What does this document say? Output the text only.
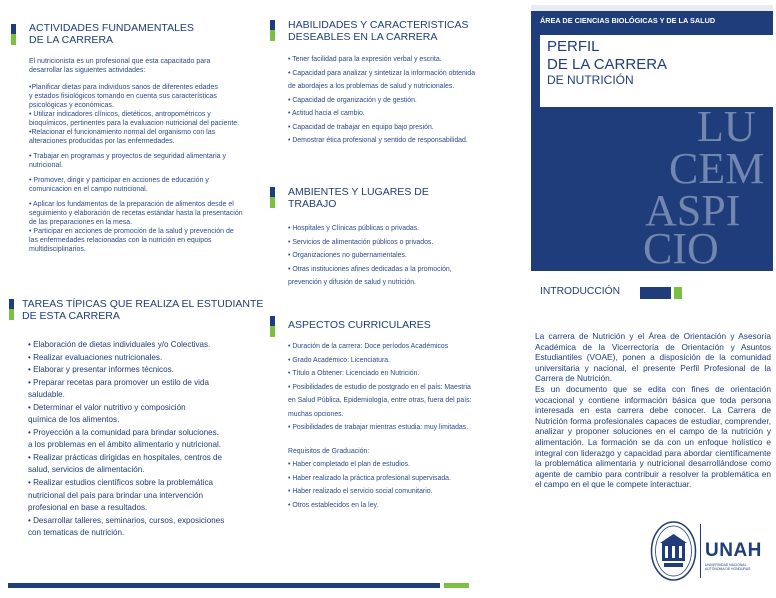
ACTIVIDADES FUNDAMENTALES
DE LA CARRERA

El nutricionista es un profesional que esta capacitado para

desarrollar las siguientes actividades:

•Planificar dietas para individuos sanos de diferentes edades

y estados fisiológicos tomando en cuenta sus características

psicológicas y económicas.

• Utilizar indicadores clínicos, dietéticos, antropométricos y

bioquímicos, pertinentes para la evaluacion nutricional del paciente.

•Relacionar el funcionamiento normal del organismo con las

alteraciones producidas por las enfermedades.

• Trabajar en programas y proyectos de seguridad alimentaria y

nutricional.

• Promover, dirigir y participar en acciones de educación y

comunicacion en el campo nutricional.

• Aplicar los fundamentos de la preparación de alimentos desde el

seguimiento y elaboración de recetas estándar hasta la presentación

de las preparaciones en la mesa.

• Participar en acciones de promoción de la salud y prevención de

las enfermedades relacionadas con la nutrición en equipos

multidisciplinarios.

TAREAS TÍPICAS QUE REALIZA EL ESTUDIANTE
DE ESTA CARRERA
• Elaboración de dietas individuales y/o Colectivas.
• Realizar evaluaciones nutricionales.
• Elaborar y presentar informes técnicos.
• Preparar recetas para promover un estilo de vida
saludable.
• Determinar el valor nutritivo y composición
química de los alimentos.
• Proyección a la comunidad para brindar soluciones.
a los problemas en el ámbito alimentario y nutricional.
• Realizar prácticas dirigidas en hospitales, centros de
salud, servicios de alimentación.
• Realizar estudios científicos sobre la problemática
nutricional del país para brindar una intervención
profesional en base a resultados.
• Desarrollar talleres, seminarios, cursos, exposiciones
con tematicas de nutrición.
HABILIDADES Y CARACTERISTICAS
DESEABLES EN LA CARRERA
• Tener facilidad para la expresión verbal y escrita.
• Capacidad para analizar y sintetizar la información obtenida
de abordajes a los problemas de salud y nutricionales.
• Capacidad de organización y de gestión.
• Actitud hacia el cambio.
• Capacidad de trabajar en equipo bajo presión.
• Demostrar ética profesional y sentido de responsabilidad.
AMBIENTES Y LUGARES DE
TRABAJO
• Hospitales y Clínicas públicas o privadas.
• Servicios de alimentación públicos o privados.
• Organizaciones no gubernamentales.
• Otras instituciones afines dedicadas a la promoción,
prevención y difusión de salud y nutrición.
ASPECTOS CURRICULARES
• Duración de la carrera: Doce períodos Académicos
• Grado Académico: Licenciatura.
• Título a Obtener: Licenciado en Nutrición.
• Posibilidades de estudio de postgrado en el país: Maestria
en Salud Pública, Epidemiología, entre otras, fuera del país:
muchas opciones.
• Posibilidades de trabajar mientras estudia: muy limitadas.
Requisitos de Graduación:
• Haber completado el plan de estudios.
• Haber realizado la práctica profesional supervisada.
• Haber realizado el servicio social comunitario.
• Otros establecidos en la ley.
ÁREA DE CIENCIAS BIOLÓGICAS Y DE LA SALUD
PERFIL
DE LA CARRERA
DE NUTRICIÓN
LU
CEM
ASPI
CIO
INTRODUCCIÓN

La carrera de Nutrición y el Área de Orientación y Asesoría Académica de la Vicerrectoría de Orientación y Asuntos Estudiantiles (VOAE), ponen a disposición de la comunidad universitaria y nacional, el presente Perfil Profesional de la Carrera de Nutrición.

Es un documento que se edita con fines de orientación vocacional y contiene información básica que toda persona interesada en esta carrera debe conocer. La Carrera de Nutrición forma profesionales capaces de estudiar, comprender, analizar y proponer soluciones en el campo de la nutrición y alimentación. La formación se da con un enfoque holístico e integral con liderazgo y capacidad para abordar científicamente la problemática alimentaria y nutricional desarrollándose como agente de cambio para contribuir a resolver la problemática en el campo en el que le compete interactuar.

UNAH
UNIVERSIDAD NACIONAL
AUTÓNOMA DE HONDURAS
